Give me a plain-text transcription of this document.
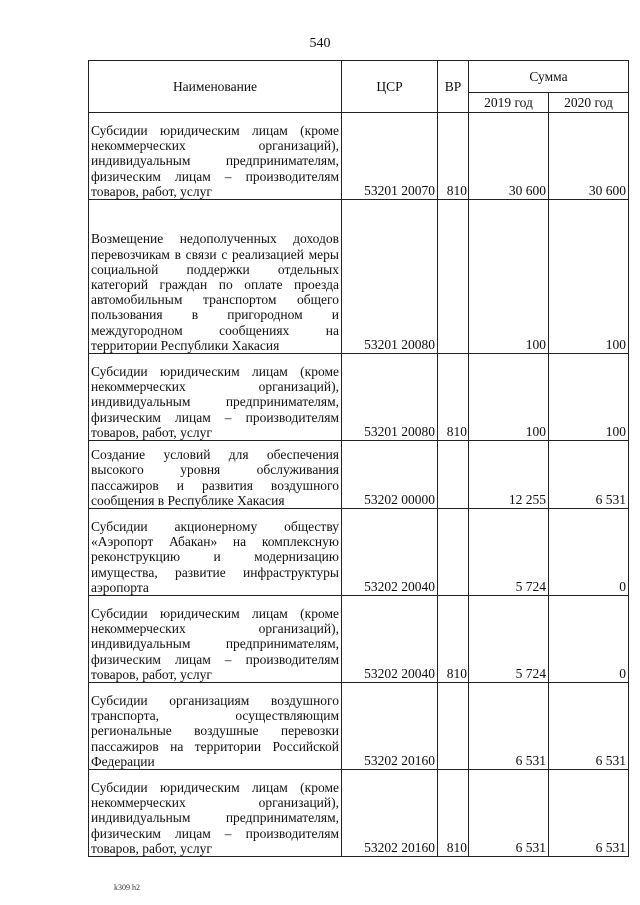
540
Наименование	ЦСР	ВР	Сумма	
			2019 год	2020 год
Субсидии юридическим лицам (кроме некоммерческих организаций), индивидуальным предпринимателям, физическим лицам – производителям товаров, работ, услуг	53201 20070	810	30 600	30 600
Возмещение недополученных доходов перевозчикам в связи с реализацией меры социальной поддержки отдельных категорий граждан по оплате проезда автомобильным транспортом общего пользования в пригородном и междугородном сообщениях на территории Республики Хакасия	53201 20080		100	100
Субсидии юридическим лицам (кроме некоммерческих организаций), индивидуальным предпринимателям, физическим лицам – производителям товаров, работ, услуг	53201 20080	810	100	100
Создание условий для обеспечения высокого уровня обслуживания пассажиров и развития воздушного сообщения в Республике Хакасия	53202 00000		12 255	6 531
Субсидии акционерному обществу «Аэропорт Абакан» на комплексную реконструкцию и модернизацию имущества, развитие инфраструктуры аэропорта	53202 20040		5 724	0
Субсидии юридическим лицам (кроме некоммерческих организаций), индивидуальным предпринимателям, физическим лицам – производителям товаров, работ, услуг	53202 20040	810	5 724	0
Субсидии организациям воздушного транспорта, осуществляющим региональные воздушные перевозки пассажиров на территории Российской Федерации	53202 20160		6 531	6 531
Субсидии юридическим лицам (кроме некоммерческих организаций), индивидуальным предпринимателям, физическим лицам – производителям товаров, работ, услуг	53202 20160	810	6 531	6 531
k309 h2
